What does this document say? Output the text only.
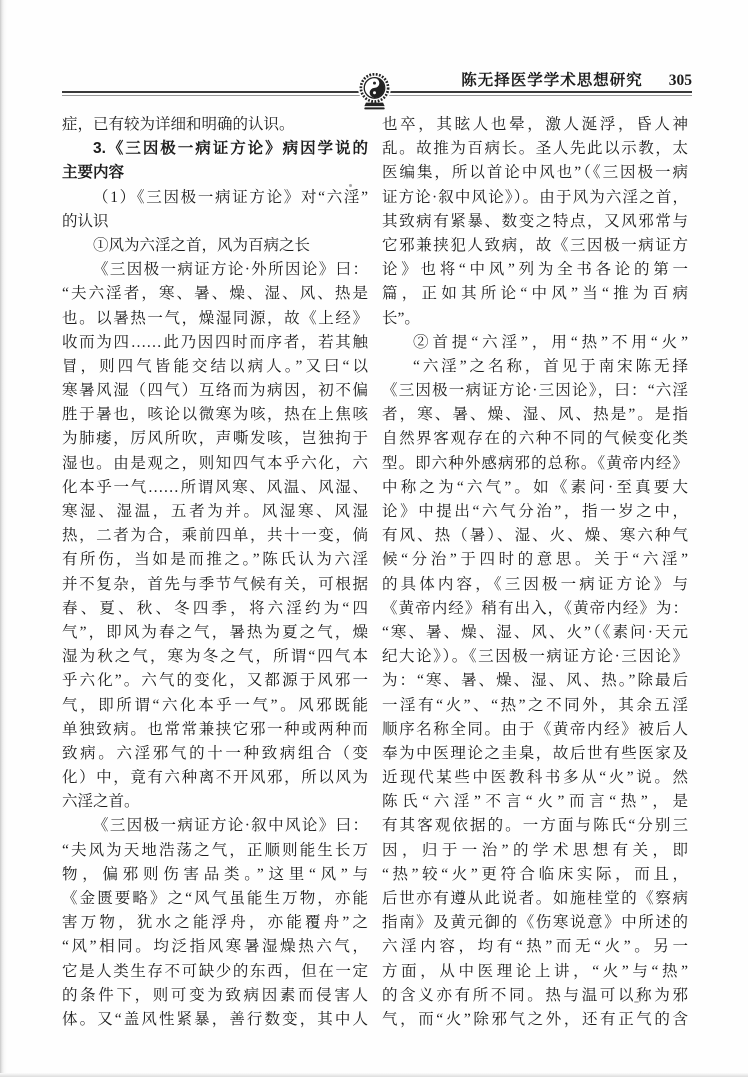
陈无择医学学术思想研究 305
症，已有较为详细和明确的认识。
3.《三因极一病证方论》病因学说的
主要内容
（1）《三因极一病证方论》对“六淫”
的认识
①风为六淫之首，风为百病之长
《三因极一病证方论·外所因论》曰：
“夫六淫者，寒、暑、燥、湿、风、热是
也。以暑热一气，燥湿同源，故《上经》
收而为四……此乃因四时而序者，若其触
冒，则四气皆能交结以病人。”又曰“以
寒暑风湿（四气）互络而为病因，初不偏
胜于暑也，咳论以微寒为咳，热在上焦咳
为肺痿，厉风所吹，声嘶发咳，岂独拘于
湿也。由是观之，则知四气本乎六化，六
化本乎一气……所谓风寒、风温、风湿、
寒湿、湿温，五者为并。风湿寒、风湿
热，二者为合，乘前四单，共十一变，倘
有所伤，当如是而推之。”陈氏认为六淫
并不复杂，首先与季节气候有关，可根据
春、夏、秋、冬四季，将六淫约为“四
气”，即风为春之气，暑热为夏之气，燥
湿为秋之气，寒为冬之气，所谓“四气本
乎六化”。六气的变化，又都源于风邪一
气，即所谓“六化本乎一气”。风邪既能
单独致病。也常常兼挟它邪一种或两种而
致病。六淫邪气的十一种致病组合（变
化）中，竟有六种离不开风邪，所以风为
六淫之首。
《三因极一病证方论·叙中风论》曰：
“夫风为天地浩荡之气，正顺则能生长万
物，偏邪则伤害品类。”这里“风”与
《金匮要略》之“风气虽能生万物，亦能
害万物，犹水之能浮舟，亦能覆舟”之
“风”相同。均泛指风寒暑湿燥热六气，
它是人类生存不可缺少的东西，但在一定
的条件下，则可变为致病因素而侵害人
体。又“盖风性紧暴，善行数变，其中人
也卒，其眩人也晕，激人涎浮，昏人神
乱。故推为百病长。圣人先此以示教，太
医编集，所以首论中风也”（《三因极一病
证方论·叙中风论》）。由于风为六淫之首，
其致病有紧暴、数变之特点，又风邪常与
它邪兼挟犯人致病，故《三因极一病证方
论》也将“中风”列为全书各论的第一
篇，正如其所论“中风”当“推为百病
长”。
②首提“六淫”，用“热”不用“火”
“六淫”之名称，首见于南宋陈无择
《三因极一病证方论·三因论》，曰：“六淫
者，寒、暑、燥、湿、风、热是”。是指
自然界客观存在的六种不同的气候变化类
型。即六种外感病邪的总称。《黄帝内经》
中称之为“六气”。如《素问·至真要大
论》中提出“六气分治”，指一岁之中，
有风、热（暑）、湿、火、燥、寒六种气
候“分治”于四时的意思。关于“六淫”
的具体内容，《三因极一病证方论》与
《黄帝内经》稍有出入，《黄帝内经》为：
“寒、暑、燥、湿、风、火”（《素问·天元
纪大论》）。《三因极一病证方论·三因论》
为：“寒、暑、燥、湿、风、热。”除最后
一淫有“火”、“热”之不同外，其余五淫
顺序名称全同。由于《黄帝内经》被后人
奉为中医理论之圭臬，故后世有些医家及
近现代某些中医教科书多从“火”说。然
陈氏“六淫”不言“火”而言“热”，是
有其客观依据的。一方面与陈氏“分别三
因，归于一治”的学术思想有关，即
“热”较“火”更符合临床实际，而且，
后世亦有遵从此说者。如施桂堂的《察病
指南》及黄元御的《伤寒说意》中所述的
六淫内容，均有“热”而无“火”。另一
方面，从中医理论上讲，“火”与“热”
的含义亦有所不同。热与温可以称为邪
气，而“火”除邪气之外，还有正气的含
